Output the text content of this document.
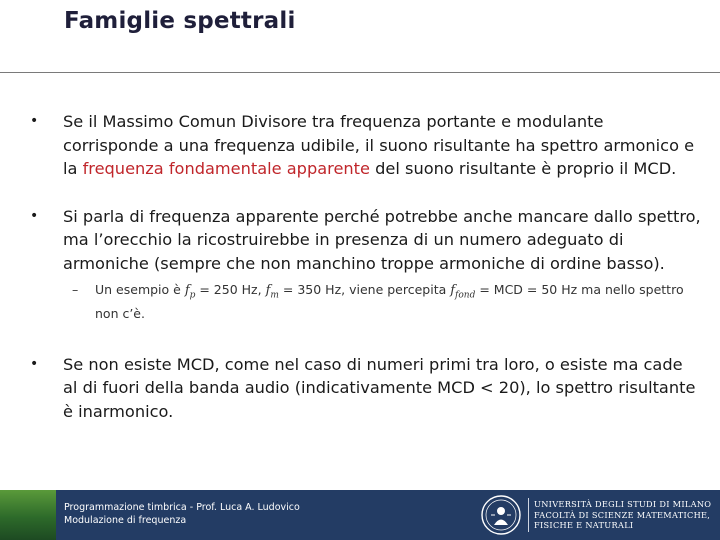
Famiglie spettrali
• Se il Massimo Comun Divisore tra frequenza portante e modulante corrisponde a una frequenza udibile, il suono risultante ha spettro armonico e la frequenza fondamentale apparente del suono risultante è proprio il MCD.
• Si parla di frequenza apparente perché potrebbe anche mancare dallo spettro, ma l’orecchio la ricostruirebbe in presenza di un numero adeguato di armoniche (sempre che non manchino troppe armoniche di ordine basso).
– Un esempio è $f_p = 250$ Hz, $f_m = 350$ Hz, viene percepita $f_{fond}$ = MCD = 50 Hz ma nello spettro non c’è.
• Se non esiste MCD, come nel caso di numeri primi tra loro, o esiste ma cade al di fuori della banda audio (indicativamente MCD < 20), lo spettro risultante è inarmonico.
Programmazione timbrica - Prof. Luca A. Ludovico
Modulazione di frequenza
UNIVERSITÀ DEGLI STUDI DI MILANO
FACOLTÀ DI SCIENZE MATEMATICHE,
FISICHE E NATURALI
